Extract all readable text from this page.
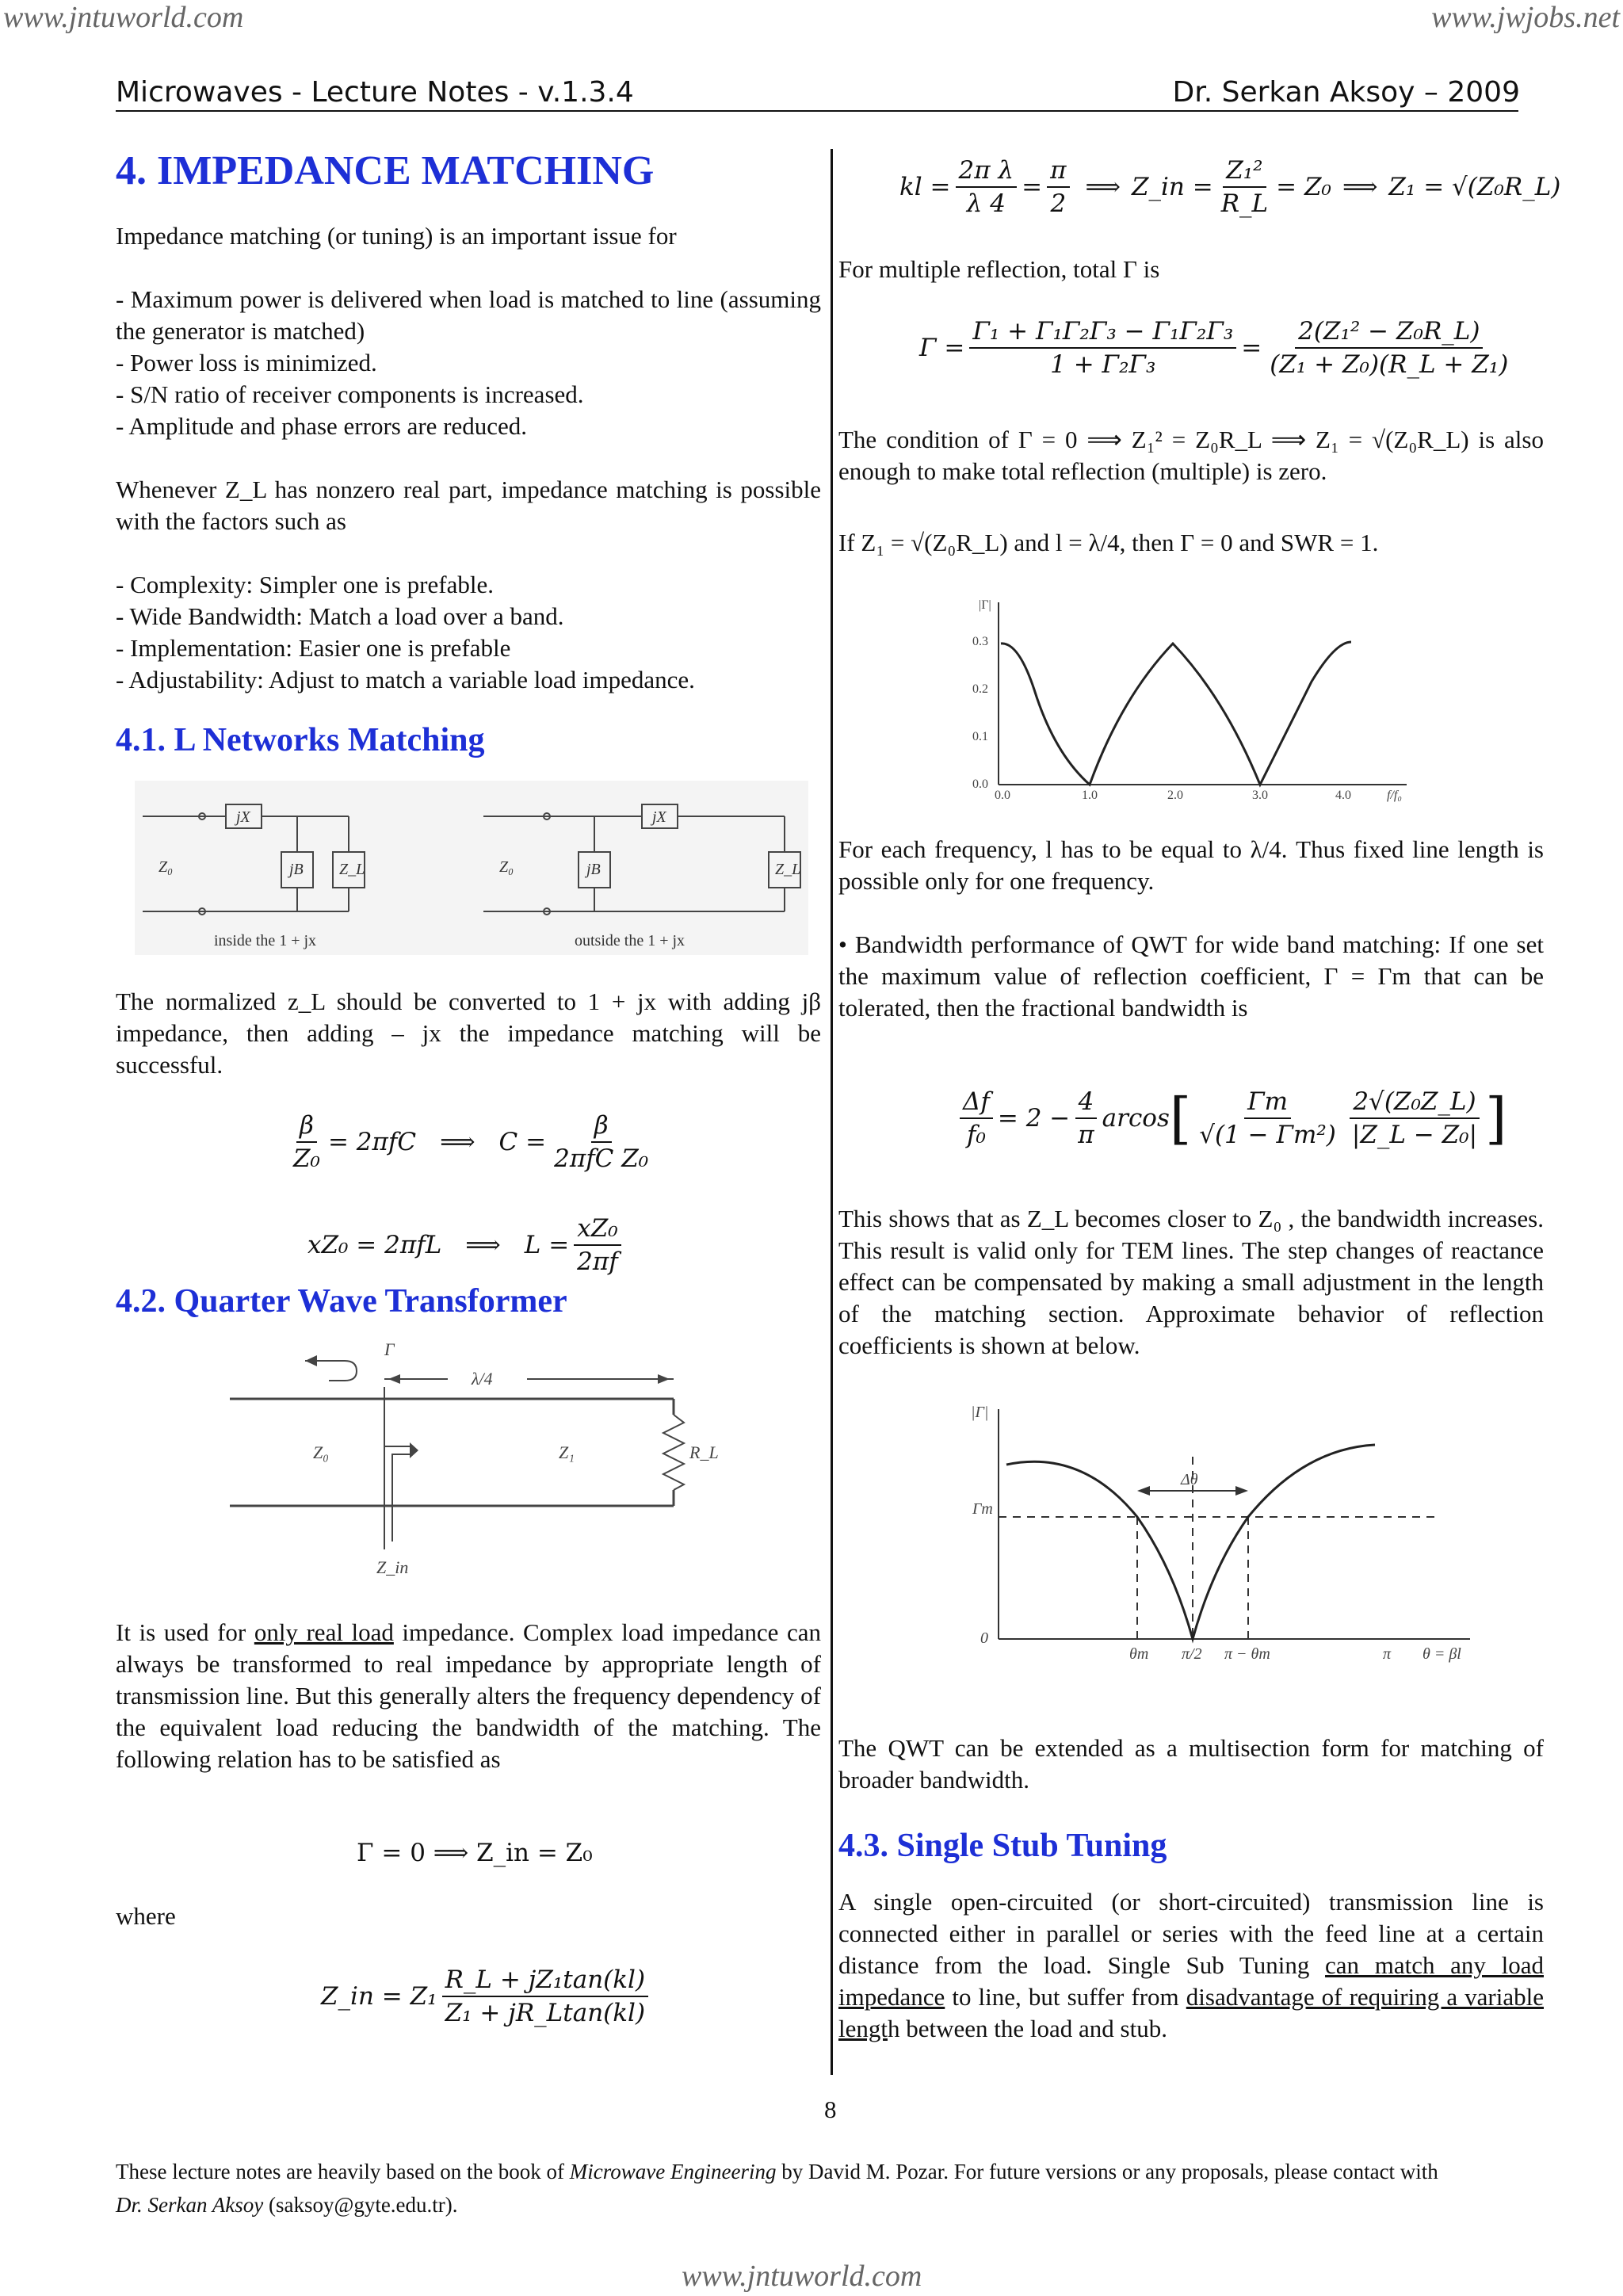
www.jntuworld.com	www.jwjobs.net
Microwaves - Lecture Notes - v.1.3.4	Dr. Serkan Aksoy – 2009
4. IMPEDANCE MATCHING

Impedance matching (or tuning) is an important issue for

- Maximum power is delivered when load is matched to line (assuming the generator is matched)

- Power loss is minimized.

- S/N ratio of receiver components is increased.

- Amplitude and phase errors are reduced.

Whenever Z_L has nonzero real part, impedance matching is possible with the factors such as

- Complexity: Simpler one is prefable.

- Wide Bandwidth: Match a load over a band.

- Implementation: Easier one is prefable

- Adjustability: Adjust to match a variable load impedance.

4.1. L Networks Matching
jX
jB
Z₀	Z_L
jX
jB
Z₀	Z_L
inside the 1 + jx	outside the 1 + jx
The normalized z_L should be converted to 1 + jx with adding jβ impedance, then adding – jx the impedance matching will be successful.
$\frac{\beta}{\text{Z₀}} = 2\pi fC$ ⟹ $C = \frac{\beta}{\text{2πfC Z₀}}$
xZ₀ = 2πfL ⟹ $L = \frac{\text{xZ₀}}{2\pi f}$
4.2. Quarter Wave Transformer
Γ
λ/4
Z₀	Z₁	R_L
Z_in
It is used for only real load impedance. Complex load impedance can always be transformed to real impedance by appropriate length of transmission line. But this generally alters the frequency dependency of the equivalent load reducing the bandwidth of the matching. The following relation has to be satisfied as
Γ = 0 ⟹ Z_in = Z₀
where
Z_in = $Z_1 \frac{\text{R\_L + jZ₁tan(kl)}}{\text{Z₁ + jR\_Ltan(kl)}}$
kl = $\frac{\text{2π λ}}{\lambda 4} = \frac{\pi}{2}$ ⟹ Z_in = $\frac{\text{Z₁²}}{R\_L} = Z_0$ ⟹ Z₁ = √(Z₀R_L)
For multiple reflection, total Γ is
$\Gamma = \frac{\text{Γ₁ + Γ₁Γ₂Γ₃ − Γ₁Γ₂Γ₃}}{\text{1 + Γ₂Γ₃}} = \frac{\text{2(Z₁² − Z₀R\_L)}}{\text{(Z₁ + Z₀)(R\_L + Z₁)}}$
The condition of Γ = 0 ⟹ Z₁² = Z₀R_L ⟹ Z₁ = √(Z₀R_L) is also enough to make total reflection (multiple) is zero.
If Z₁ = √(Z₀R_L) and l = λ/4, then Γ = 0 and SWR = 1.
|Γ|
0.0
0.1
0.2
0.3
0.0	1.0	2.0	3.0	4.0	f/f₀
For each frequency, l has to be equal to λ/4. Thus fixed line length is possible only for one frequency.
• Bandwidth performance of QWT for wide band matching: If one set the maximum value of reflection coefficient, Γ = Γm that can be tolerated, then the fractional bandwidth is
$\frac{\Delta f}{\text{f₀}} = 2 - \frac{4}{\pi}$ arcos [ $\frac{\Gamma m}{\text{√(1 − Γm²)}} \frac{\text{2√(Z₀Z\_L)}}{\text{|Z\_L − Z₀|}}$ ]
This shows that as Z_L becomes closer to Z₀ , the bandwidth increases. This result is valid only for TEM lines. The step changes of reactance effect can be compensated by making a small adjustment in the length of the matching section. Approximate behavior of reflection coefficients is shown at below.
|Γ|
Γm
0
θm π/2 π − θm	π θ = βl
Δθ
The QWT can be extended as a multisection form for matching of broader bandwidth.
4.3. Single Stub Tuning
A single open-circuited (or short-circuited) transmission line is connected either in parallel or series with the feed line at a certain distance from the load. Single Sub Tuning can match any load impedance to line, but suffer from disadvantage of requiring a variable length between the load and stub.
8
These lecture notes are heavily based on the book of Microwave Engineering by David M. Pozar. For future versions or any proposals, please contact with
Dr. Serkan Aksoy (saksoy@gyte.edu.tr).
www.jntuworld.com
